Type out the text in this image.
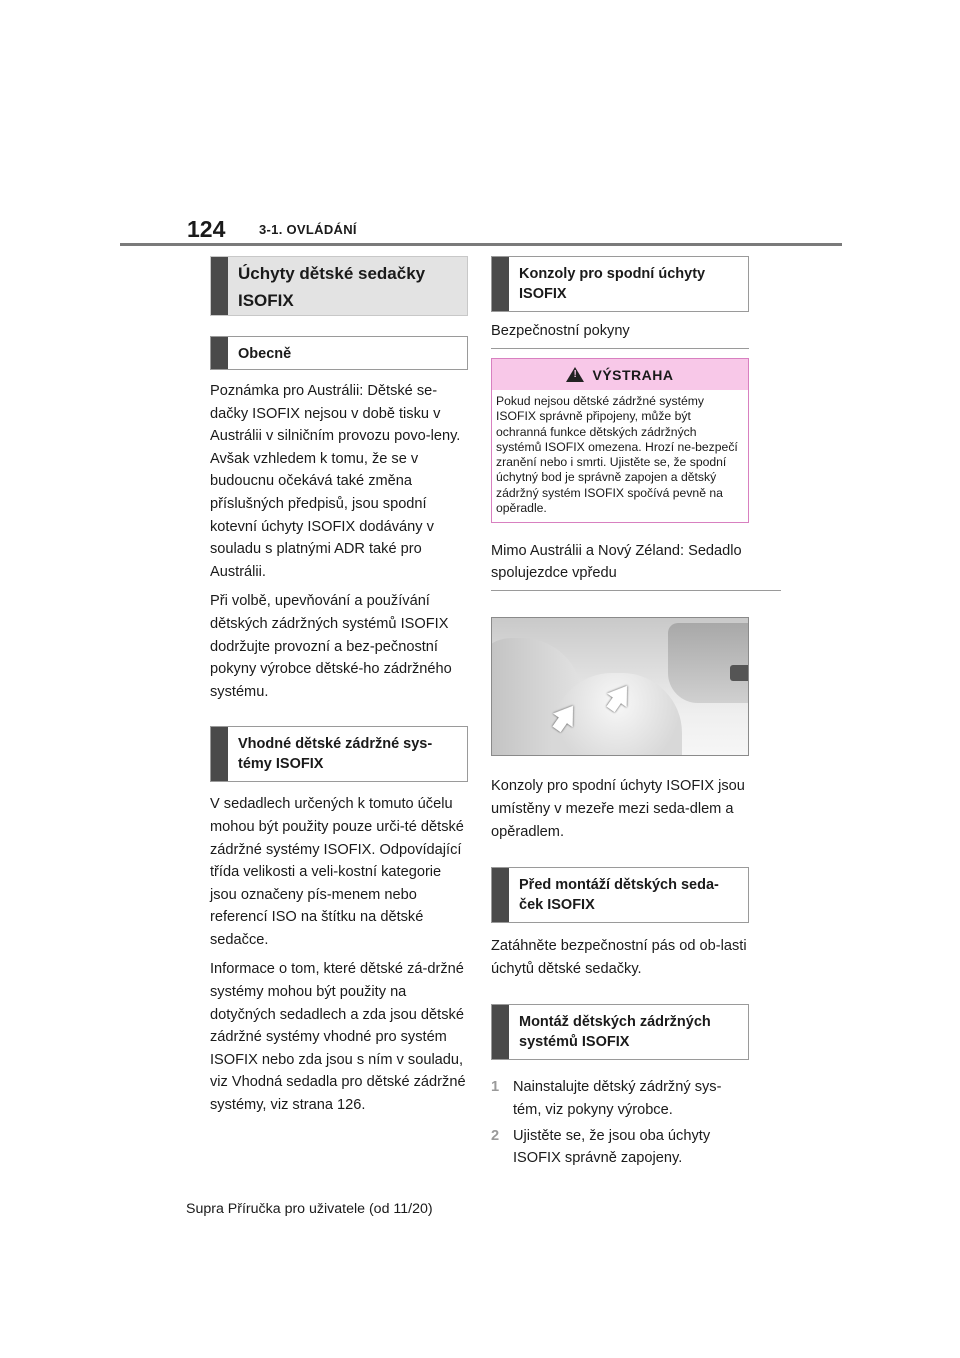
124	3-1. OVLÁDÁNÍ
Úchyty dětské sedačky ISOFIX
Obecně

Poznámka pro Austrálii: Dětské se-dačky ISOFIX nejsou v době tisku v Austrálii v silničním provozu povo-leny. Avšak vzhledem k tomu, že se v budoucnu očekává také změna příslušných předpisů, jsou spodní kotevní úchyty ISOFIX dodávány v souladu s platnými ADR také pro Austrálii.

Při volbě, upevňování a používání dětských zádržných systémů ISOFIX dodržujte provozní a bez-pečnostní pokyny výrobce dětské-ho zádržného systému.

Vhodné dětské zádržné sys-témy ISOFIX

V sedadlech určených k tomuto účelu mohou být použity pouze urči-té dětské zádržné systémy ISOFIX. Odpovídající třída velikosti a veli-kostní kategorie jsou označeny pís-menem nebo referencí ISO na štítku na dětské sedačce.

Informace o tom, které dětské zá-držné systémy mohou být použity na dotyčných sedadlech a zda jsou dětské zádržné systémy vhodné pro systém ISOFIX nebo zda jsou s ním v souladu, viz Vhodná sedadla pro dětské zádržné systémy, viz strana 126.

Konzoly pro spodní úchyty ISOFIX
Bezpečnostní pokyny
!
VÝSTRAHA
Pokud nejsou dětské zádržné systémy ISOFIX správně připojeny, může být ochranná funkce dětských zádržných systémů ISOFIX omezena. Hrozí ne-bezpečí zranění nebo i smrti. Ujistěte se, že spodní úchytný bod je správně zapojen a dětský zádržný systém ISOFIX spočívá pevně na opěradle.
Mimo Austrálii a Nový Zéland: Sedadlo spolujezdce vpředu

Konzoly pro spodní úchyty ISOFIX jsou umístěny v mezeře mezi seda-dlem a opěradlem.

Před montáží dětských seda-ček ISOFIX

Zatáhněte bezpečnostní pás od ob-lasti úchytů dětské sedačky.

Montáž dětských zádržných systémů ISOFIX
1 Nainstalujte dětský zádržný sys-tém, viz pokyny výrobce.
2 Ujistěte se, že jsou oba úchyty ISOFIX správně zapojeny.
Supra Příručka pro uživatele (od 11/20)
